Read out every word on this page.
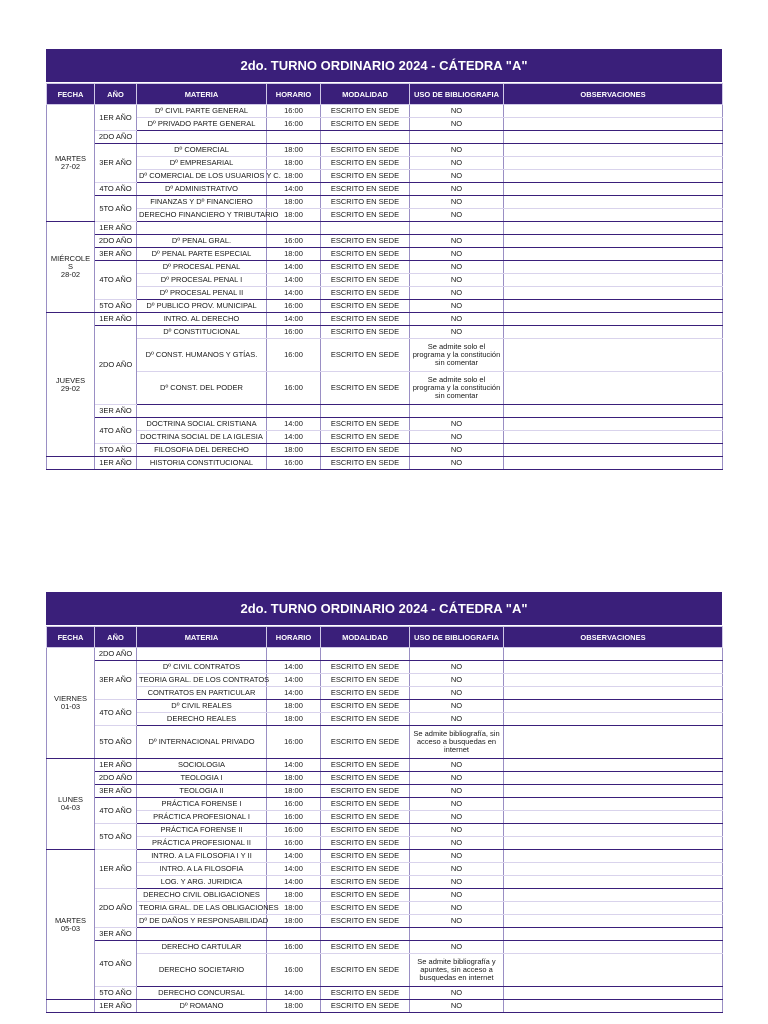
2do. TURNO ORDINARIO 2024 - CÁTEDRA "A"
FECHA	AÑO	MATERIA	HORARIO	MODALIDAD	USO DE BIBLIOGRAFIA	OBSERVACIONES
MARTES
27-02	1ER AÑO	Dº CIVIL PARTE GENERAL	16:00	ESCRITO EN SEDE	NO	
		Dº PRIVADO PARTE GENERAL	16:00	ESCRITO EN SEDE	NO	
	2DO AÑO					
	3ER AÑO	Dº COMERCIAL	18:00	ESCRITO EN SEDE	NO	
		Dº EMPRESARIAL	18:00	ESCRITO EN SEDE	NO	
		Dº COMERCIAL DE LOS USUARIOS Y C.	18:00	ESCRITO EN SEDE	NO	
	4TO AÑO	Dº ADMINISTRATIVO	14:00	ESCRITO EN SEDE	NO	
	5TO AÑO	FINANZAS Y Dº FINANCIERO	18:00	ESCRITO EN SEDE	NO	
		DERECHO FINANCIERO Y TRIBUTARIO	18:00	ESCRITO EN SEDE	NO	
MIÉRCOLE
S
28-02	1ER AÑO					
	2DO AÑO	Dº PENAL GRAL.	16:00	ESCRITO EN SEDE	NO	
	3ER AÑO	Dº PENAL PARTE ESPECIAL	18:00	ESCRITO EN SEDE	NO	
	4TO AÑO	Dº PROCESAL PENAL	14:00	ESCRITO EN SEDE	NO	
		Dº PROCESAL PENAL I	14:00	ESCRITO EN SEDE	NO	
		Dº PROCESAL PENAL II	14:00	ESCRITO EN SEDE	NO	
	5TO AÑO	Dº PUBLICO PROV. MUNICIPAL	16:00	ESCRITO EN SEDE	NO	
JUEVES
29-02	1ER AÑO	INTRO. AL DERECHO	14:00	ESCRITO EN SEDE	NO	
	2DO AÑO	Dº CONSTITUCIONAL	16:00	ESCRITO EN SEDE	NO	
		Dº CONST. HUMANOS Y GTÍAS.	16:00	ESCRITO EN SEDE	Se admite solo el programa y la constitución sin comentar	
		Dº CONST. DEL PODER	16:00	ESCRITO EN SEDE	Se admite solo el programa y la constitución sin comentar	
	3ER AÑO					
	4TO AÑO	DOCTRINA SOCIAL CRISTIANA	14:00	ESCRITO EN SEDE	NO	
		DOCTRINA SOCIAL DE LA IGLESIA	14:00	ESCRITO EN SEDE	NO	
	5TO AÑO	FILOSOFIA DEL DERECHO	18:00	ESCRITO EN SEDE	NO	
	1ER AÑO	HISTORIA CONSTITUCIONAL	16:00	ESCRITO EN SEDE	NO	
2do. TURNO ORDINARIO 2024 - CÁTEDRA "A"
FECHA	AÑO	MATERIA	HORARIO	MODALIDAD	USO DE BIBLIOGRAFIA	OBSERVACIONES
VIERNES
01-03	2DO AÑO					
	3ER AÑO	Dº CIVIL CONTRATOS	14:00	ESCRITO EN SEDE	NO	
		TEORIA GRAL. DE LOS CONTRATOS	14:00	ESCRITO EN SEDE	NO	
		CONTRATOS EN PARTICULAR	14:00	ESCRITO EN SEDE	NO	
	4TO AÑO	Dº CIVIL REALES	18:00	ESCRITO EN SEDE	NO	
		DERECHO REALES	18:00	ESCRITO EN SEDE	NO	
	5TO AÑO	Dº INTERNACIONAL PRIVADO	16:00	ESCRITO EN SEDE	Se admite bibliografía, sin acceso a busquedas en internet	
LUNES
04-03	1ER AÑO	SOCIOLOGIA	14:00	ESCRITO EN SEDE	NO	
	2DO AÑO	TEOLOGIA I	18:00	ESCRITO EN SEDE	NO	
	3ER AÑO	TEOLOGIA II	18:00	ESCRITO EN SEDE	NO	
	4TO AÑO	PRÁCTICA FORENSE I	16:00	ESCRITO EN SEDE	NO	
		PRÁCTICA PROFESIONAL I	16:00	ESCRITO EN SEDE	NO	
	5TO AÑO	PRÁCTICA FORENSE II	16:00	ESCRITO EN SEDE	NO	
		PRÁCTICA PROFESIONAL II	16:00	ESCRITO EN SEDE	NO	
MARTES
05-03	1ER AÑO	INTRO. A LA FILOSOFIA I Y II	14:00	ESCRITO EN SEDE	NO	
		INTRO. A LA FILOSOFIA	14:00	ESCRITO EN SEDE	NO	
		LOG. Y ARG. JURIDICA	14:00	ESCRITO EN SEDE	NO	
	2DO AÑO	DERECHO CIVIL OBLIGACIONES	18:00	ESCRITO EN SEDE	NO	
		TEORIA GRAL. DE LAS OBLIGACIONES	18:00	ESCRITO EN SEDE	NO	
		Dº DE DAÑOS Y RESPONSABILIDAD	18:00	ESCRITO EN SEDE	NO	
	3ER AÑO					
	4TO AÑO	DERECHO CARTULAR	16:00	ESCRITO EN SEDE	NO	
		DERECHO SOCIETARIO	16:00	ESCRITO EN SEDE	Se admite bibliografía y apuntes, sin acceso a busquedas en internet	
	5TO AÑO	DERECHO CONCURSAL	14:00	ESCRITO EN SEDE	NO	
	1ER AÑO	Dº ROMANO	18:00	ESCRITO EN SEDE	NO	
